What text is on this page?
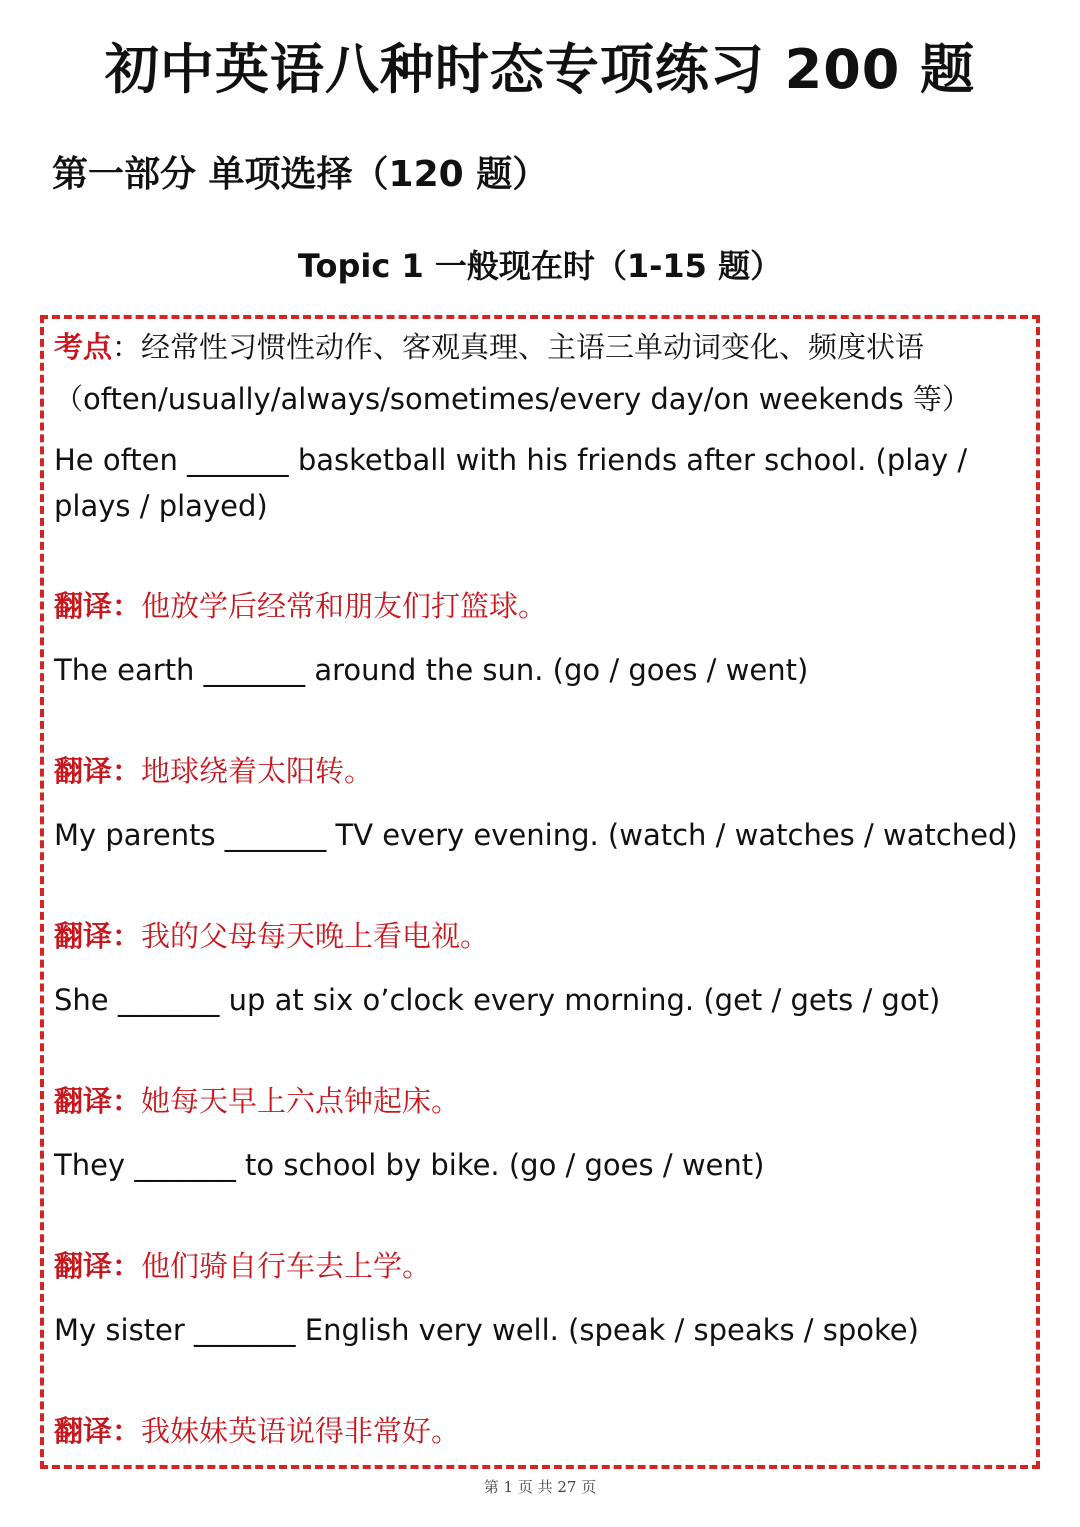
初中英语八种时态专项练习 200 题
第一部分 单项选择（120 题）
Topic 1 一般现在时（1-15 题）
考点：经常性习惯性动作、客观真理、主语三单动词变化、频度状语（often/usually/always/sometimes/every day/on weekends 等）
He often _______ basketball with his friends after school. (play / plays / played)
翻译：他放学后经常和朋友们打篮球。
The earth _______ around the sun. (go / goes / went)
翻译：地球绕着太阳转。
My parents _______ TV every evening. (watch / watches / watched)
翻译：我的父母每天晚上看电视。
She _______ up at six o’clock every morning. (get / gets / got)
翻译：她每天早上六点钟起床。
They _______ to school by bike. (go / goes / went)
翻译：他们骑自行车去上学。
My sister _______ English very well. (speak / speaks / spoke)
翻译：我妹妹英语说得非常好。
第 1 页 共 27 页
